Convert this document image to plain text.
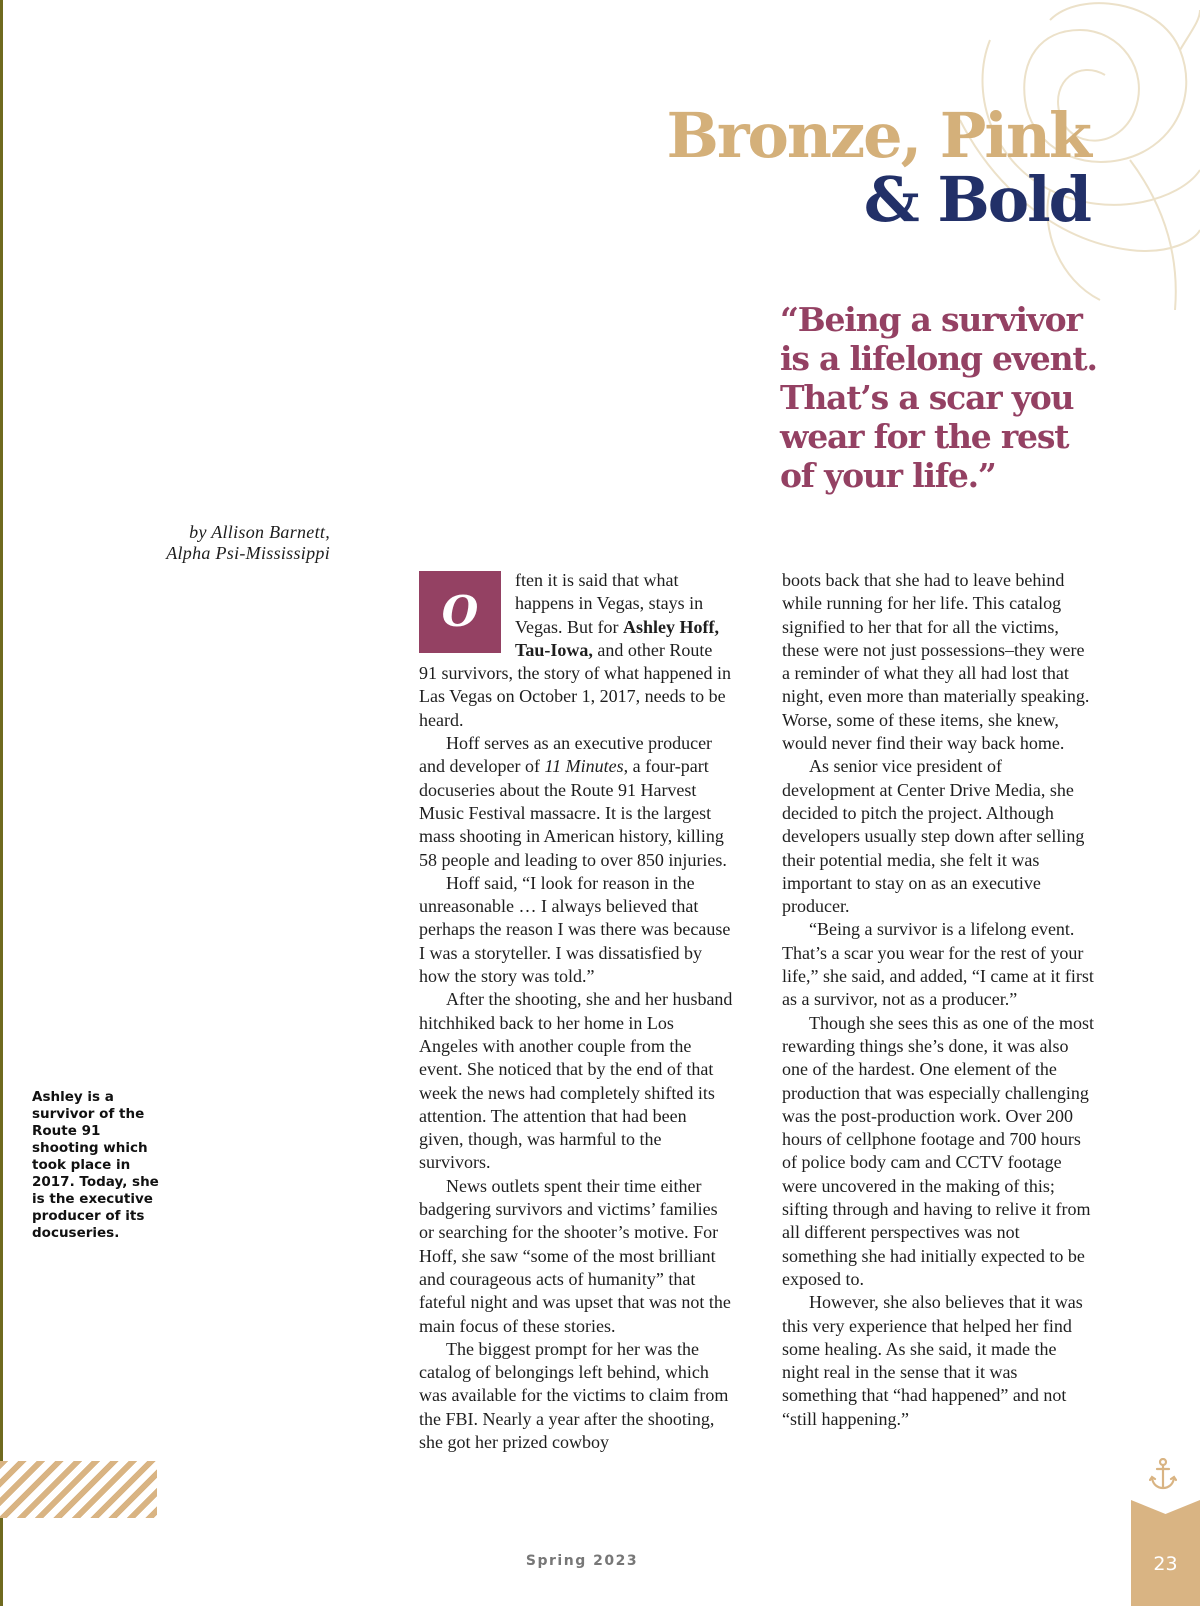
Bronze, Pink
& Bold
“Being a survivor is a lifelong event. That’s a scar you wear for the rest of your life.”
by Allison Barnett,
Alpha Psi-Mississippi

O
ften it is said that what happens in Vegas, stays in Vegas. But for Ashley Hoff, Tau-Iowa, and other Route 91 survivors, the story of what happened in Las Vegas on October 1, 2017, needs to be heard.

Hoff serves as an executive producer and developer of 11 Minutes, a four-part docuseries about the Route 91 Harvest Music Festival massacre. It is the largest mass shooting in American history, killing 58 people and leading to over 850 injuries.

Hoff said, “I look for reason in the unreasonable … I always believed that perhaps the reason I was there was because I was a storyteller. I was dissatisfied by how the story was told.”

After the shooting, she and her husband hitchhiked back to her home in Los Angeles with another couple from the event. She noticed that by the end of that week the news had completely shifted its attention. The attention that had been given, though, was harmful to the survivors.

News outlets spent their time either badgering survivors and victims’ families or searching for the shooter’s motive. For Hoff, she saw “some of the most brilliant and courageous acts of humanity” that fateful night and was upset that was not the main focus of these stories.

The biggest prompt for her was the catalog of belongings left behind, which was available for the victims to claim from the FBI. Nearly a year after the shooting, she got her prized cowboy

boots back that she had to leave behind while running for her life. This catalog signified to her that for all the victims, these were not just possessions–they were a reminder of what they all had lost that night, even more than materially speaking. Worse, some of these items, she knew, would never find their way back home.

As senior vice president of development at Center Drive Media, she decided to pitch the project. Although developers usually step down after selling their potential media, she felt it was important to stay on as an executive producer.

“Being a survivor is a lifelong event. That’s a scar you wear for the rest of your life,” she said, and added, “I came at it first as a survivor, not as a producer.”

Though she sees this as one of the most rewarding things she’s done, it was also one of the hardest. One element of the production that was especially challenging was the post-production work. Over 200 hours of cellphone footage and 700 hours of police body cam and CCTV footage were uncovered in the making of this; sifting through and having to relive it from all different perspectives was not something she had initially expected to be exposed to.

However, she also believes that it was this very experience that helped her find some healing. As she said, it made the night real in the sense that it was something that “had happened” and not “still happening.”

Ashley is a survivor of the Route 91 shooting which took place in 2017. Today, she is the executive producer of its docuseries.
Spring 2023	23
